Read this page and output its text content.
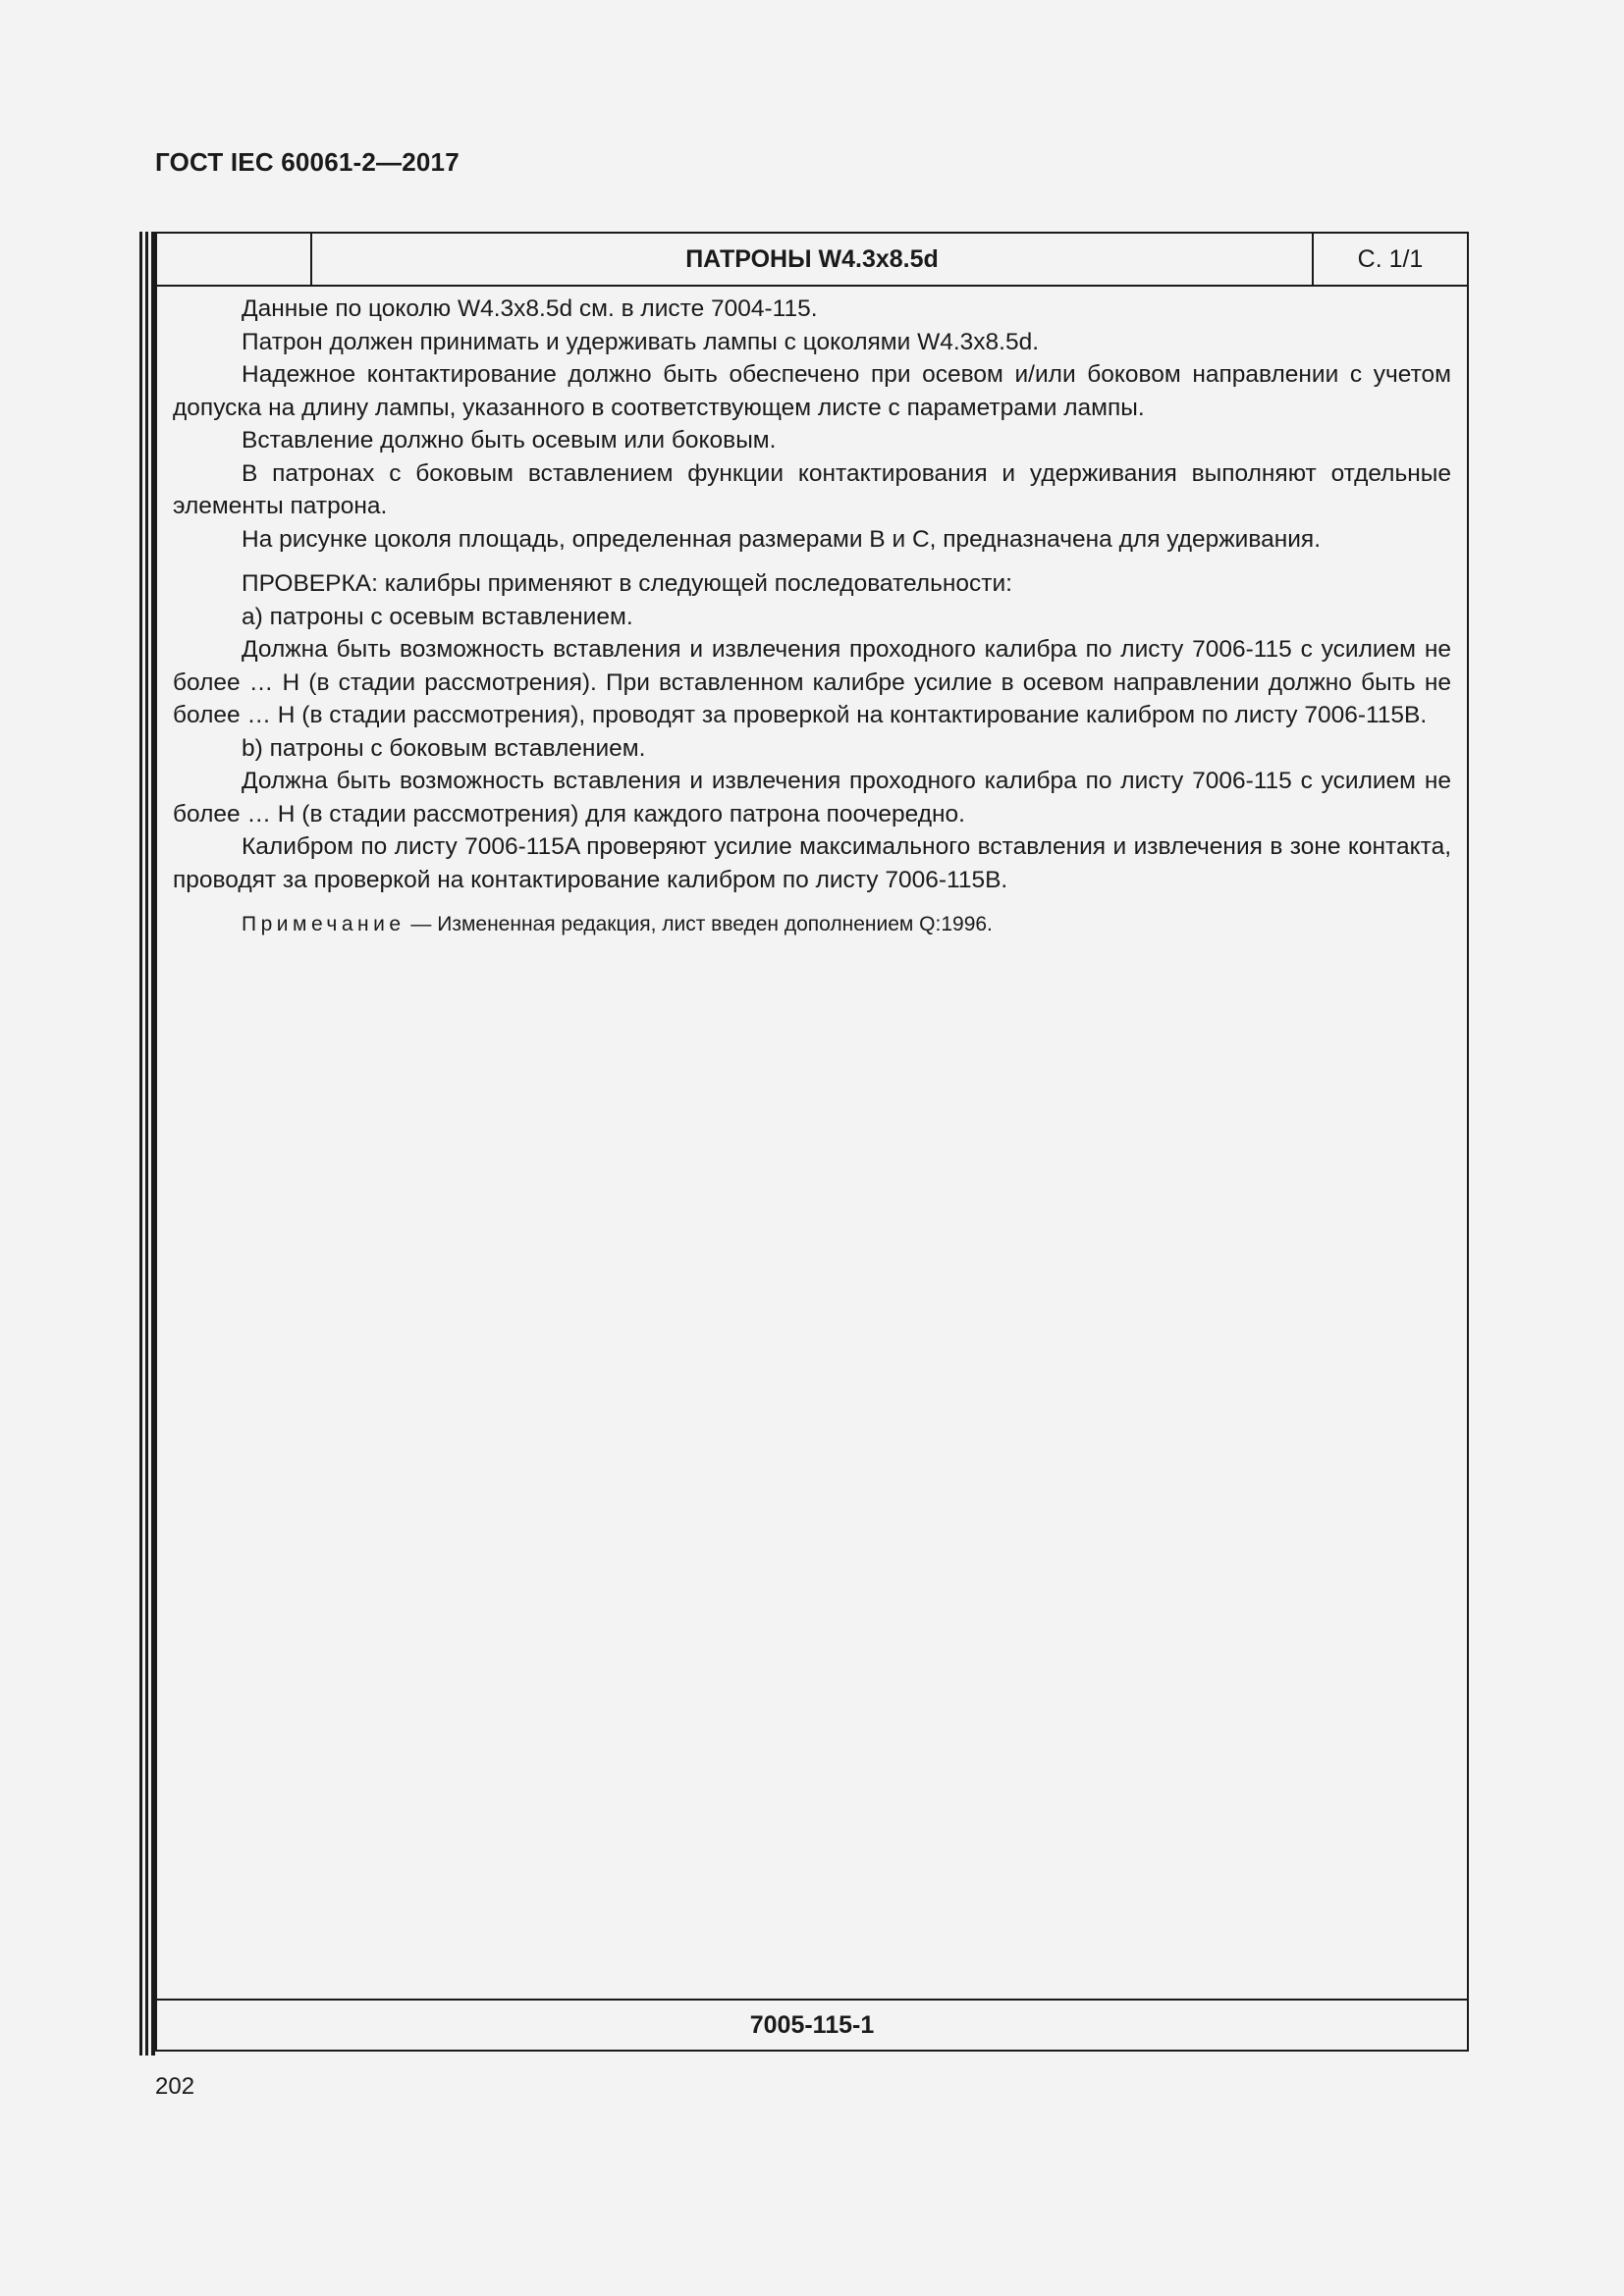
ГОСТ IEC 60061-2—2017
ПАТРОНЫ W4.3x8.5d	С. 1/1

Данные по цоколю W4.3x8.5d см. в листе 7004-115.

Патрон должен принимать и удерживать лампы с цоколями W4.3x8.5d.

Надежное контактирование должно быть обеспечено при осевом и/или боковом направлении с учетом допуска на длину лампы, указанного в соответствующем листе с параметрами лампы.

Вставление должно быть осевым или боковым.

В патронах с боковым вставлением функции контактирования и удерживания выполняют отдельные элементы патрона.

На рисунке цоколя площадь, определенная размерами B и C, предназначена для удерживания.

ПРОВЕРКА: калибры применяют в следующей последовательности:

а) патроны с осевым вставлением.

Должна быть возможность вставления и извлечения проходного калибра по листу 7006-115 с усилием не более … Н (в стадии рассмотрения). При вставленном калибре усилие в осевом направлении должно быть не более … Н (в стадии рассмотрения), проводят за проверкой на контактирование калибром по листу 7006-115B.

b) патроны с боковым вставлением.

Должна быть возможность вставления и извлечения проходного калибра по листу 7006-115 с усилием не более … Н (в стадии рассмотрения) для каждого патрона поочередно.

Калибром по листу 7006-115A проверяют усилие максимального вставления и извлечения в зоне контакта, проводят за проверкой на контактирование калибром по листу 7006-115B.

Примечание — Измененная редакция, лист введен дополнением Q:1996.

7005-115-1
202
